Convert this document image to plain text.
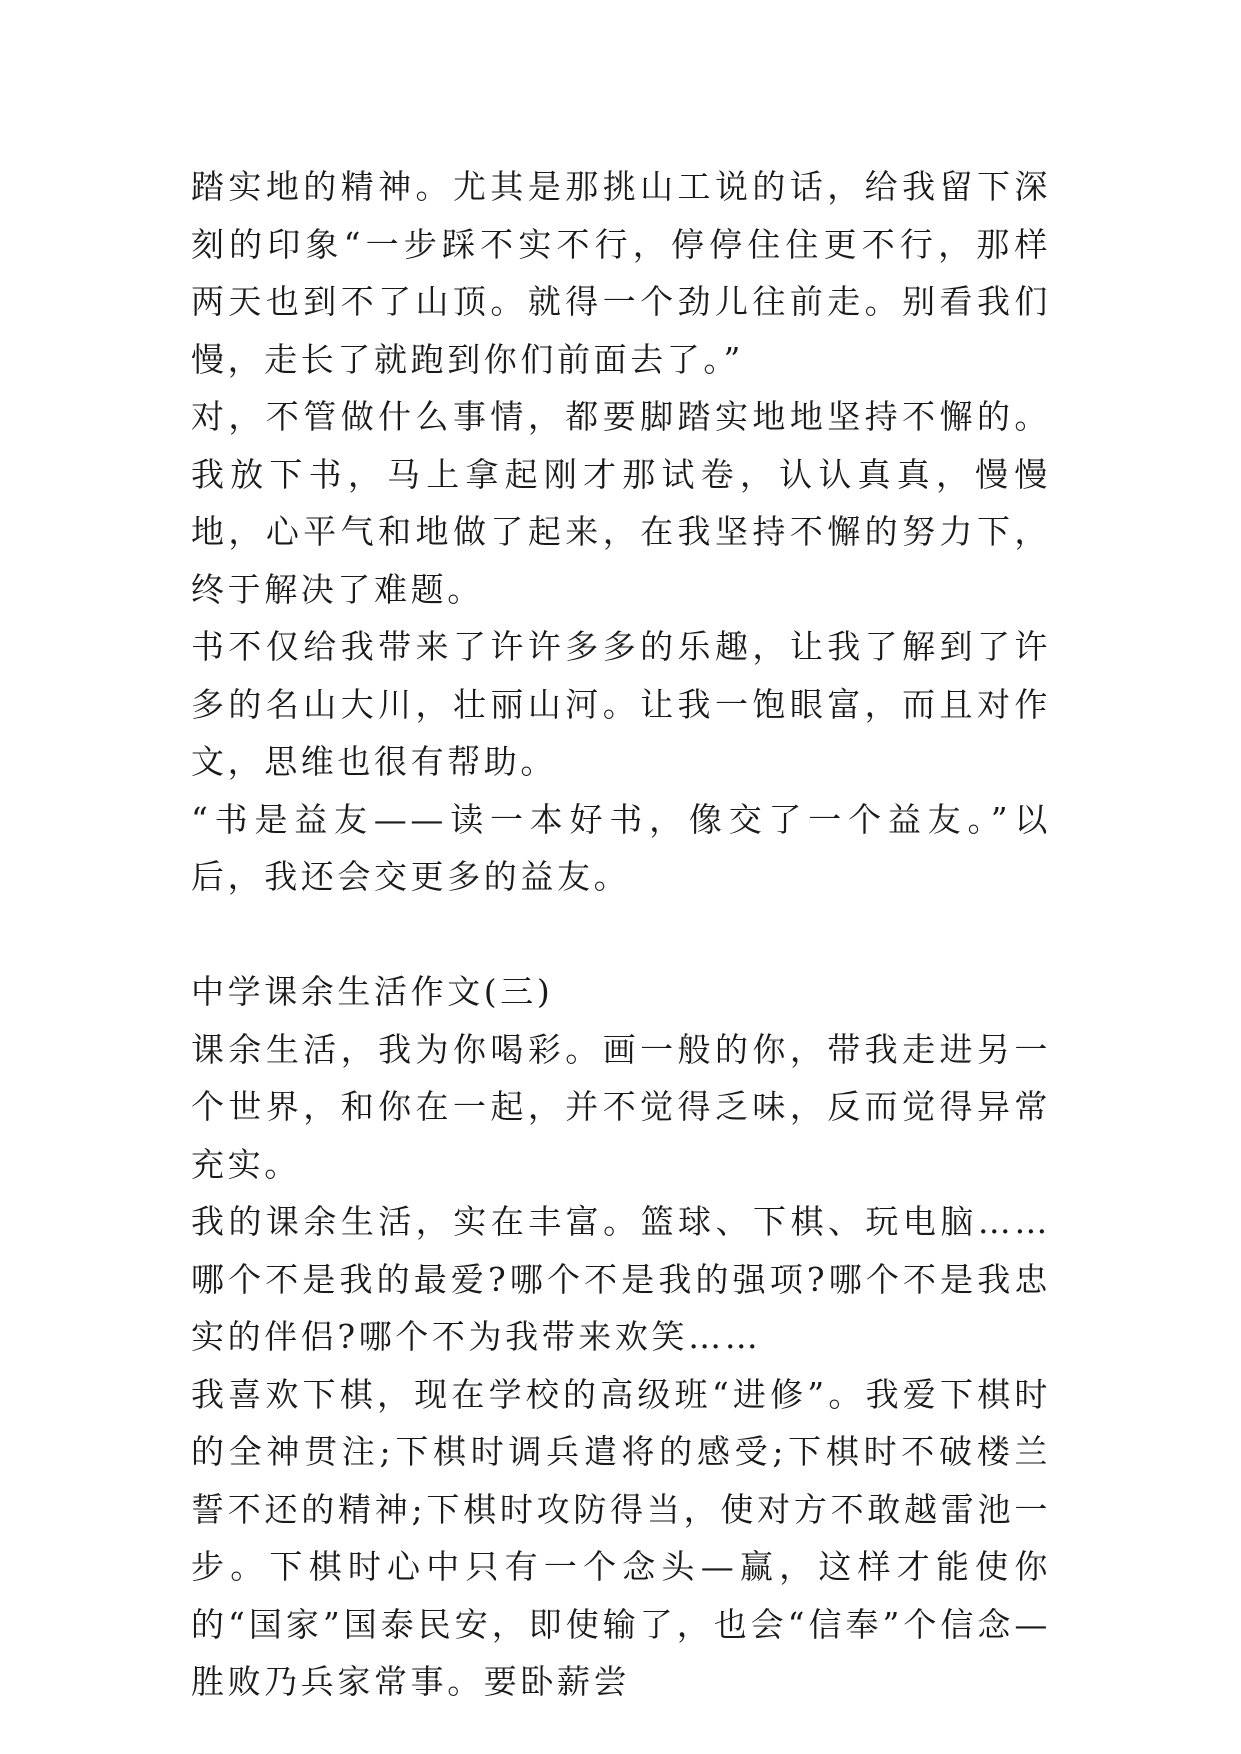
踏实地的精神。尤其是那挑山工说的话，给我留下深刻的印象“一步踩不实不行，停停住住更不行，那样两天也到不了山顶。就得一个劲儿往前走。别看我们慢，走长了就跑到你们前面去了。”

对，不管做什么事情，都要脚踏实地地坚持不懈的。我放下书，马上拿起刚才那试卷，认认真真，慢慢地，心平气和地做了起来，在我坚持不懈的努力下，终于解决了难题。

书不仅给我带来了许许多多的乐趣，让我了解到了许多的名山大川，壮丽山河。让我一饱眼富，而且对作文，思维也很有帮助。

“书是益友——读一本好书，像交了一个益友。”以后，我还会交更多的益友。

中学课余生活作文(三)

课余生活，我为你喝彩。画一般的你，带我走进另一个世界，和你在一起，并不觉得乏味，反而觉得异常充实。

我的课余生活，实在丰富。篮球、下棋、玩电脑……哪个不是我的最爱?哪个不是我的强项?哪个不是我忠实的伴侣?哪个不为我带来欢笑……

我喜欢下棋，现在学校的高级班“进修”。我爱下棋时的全神贯注;下棋时调兵遣将的感受;下棋时不破楼兰誓不还的精神;下棋时攻防得当，使对方不敢越雷池一步。下棋时心中只有一个念头—赢，这样才能使你的“国家”国泰民安，即使输了，也会“信奉”个信念—胜败乃兵家常事。要卧薪尝
